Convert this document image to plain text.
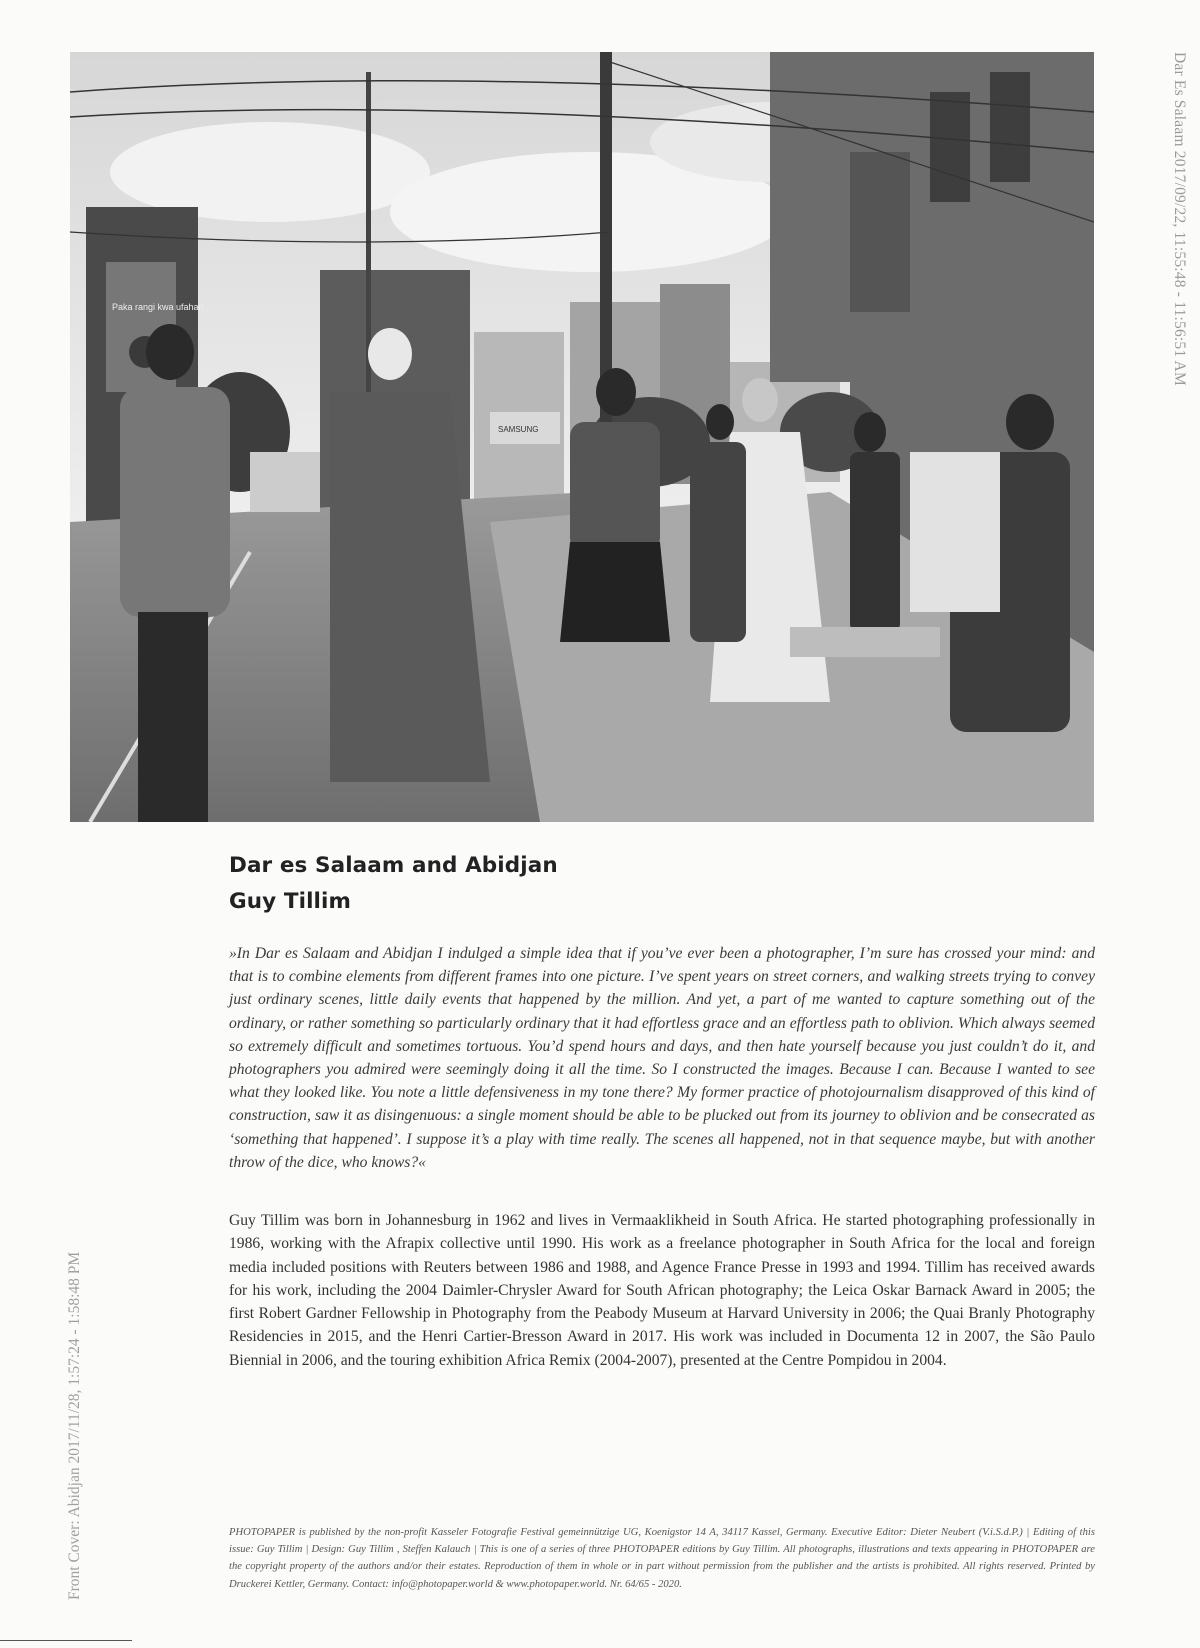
Paka rangi kwa ufahari
SAMSUNG
Dar Es Salaam 2017/09/22, 11:55:48 - 11:56:51 AM
Front Cover: Abidjan 2017/11/28, 1:57:24 - 1:58:48 PM
Dar es Salaam and Abidjan
Guy Tillim

»In Dar es Salaam and Abidjan I indulged a simple idea that if you’ve ever been a photographer, I’m sure has crossed your mind: and that is to combine elements from different frames into one picture. I’ve spent years on street corners, and walking streets trying to convey just ordinary scenes, little daily events that happened by the million. And yet, a part of me wanted to capture something out of the ordinary, or rather something so particularly ordinary that it had effortless grace and an effortless path to oblivion. Which always seemed so extremely difficult and sometimes tortuous. You’d spend hours and days, and then hate yourself because you just couldn’t do it, and photographers you admired were seemingly doing it all the time. So I constructed the images. Because I can. Because I wanted to see what they looked like. You note a little defensiveness in my tone there? My former practice of photojournalism disapproved of this kind of construction, saw it as disingenuous: a single moment should be able to be plucked out from its journey to oblivion and be consecrated as ‘something that happened’. I suppose it’s a play with time really. The scenes all happened, not in that sequence maybe, but with another throw of the dice, who knows?«

Guy Tillim was born in Johannesburg in 1962 and lives in Vermaaklikheid in South Africa. He started photographing professionally in 1986, working with the Afrapix collective until 1990. His work as a freelance photographer in South Africa for the local and foreign media included positions with Reuters between 1986 and 1988, and Agence France Presse in 1993 and 1994. Tillim has received awards for his work, including the 2004 Daimler-Chrysler Award for South African photography; the Leica Oskar Barnack Award in 2005; the first Robert Gardner Fellowship in Photography from the Peabody Museum at Harvard University in 2006; the Quai Branly Photography Residencies in 2015, and the Henri Cartier-Bresson Award in 2017. His work was included in Documenta 12 in 2007, the São Paulo Biennial in 2006, and the touring exhibition Africa Remix (2004-2007), presented at the Centre Pompidou in 2004.

PHOTOPAPER is published by the non-profit Kasseler Fotografie Festival gemeinnützige UG, Koenigstor 14 A, 34117 Kassel, Germany. Executive Editor: Dieter Neubert (V.i.S.d.P.) | Editing of this issue: Guy Tillim | Design: Guy Tillim , Steffen Kalauch | This is one of a series of three PHOTOPAPER editions by Guy Tillim. All photographs, illustrations and texts appearing in PHOTOPAPER are the copyright property of the authors and/or their estates. Reproduction of them in whole or in part without permission from the publisher and the artists is prohibited. All rights reserved. Printed by Druckerei Kettler, Germany. Contact: info@photopaper.world & www.photopaper.world. Nr. 64/65 - 2020.
